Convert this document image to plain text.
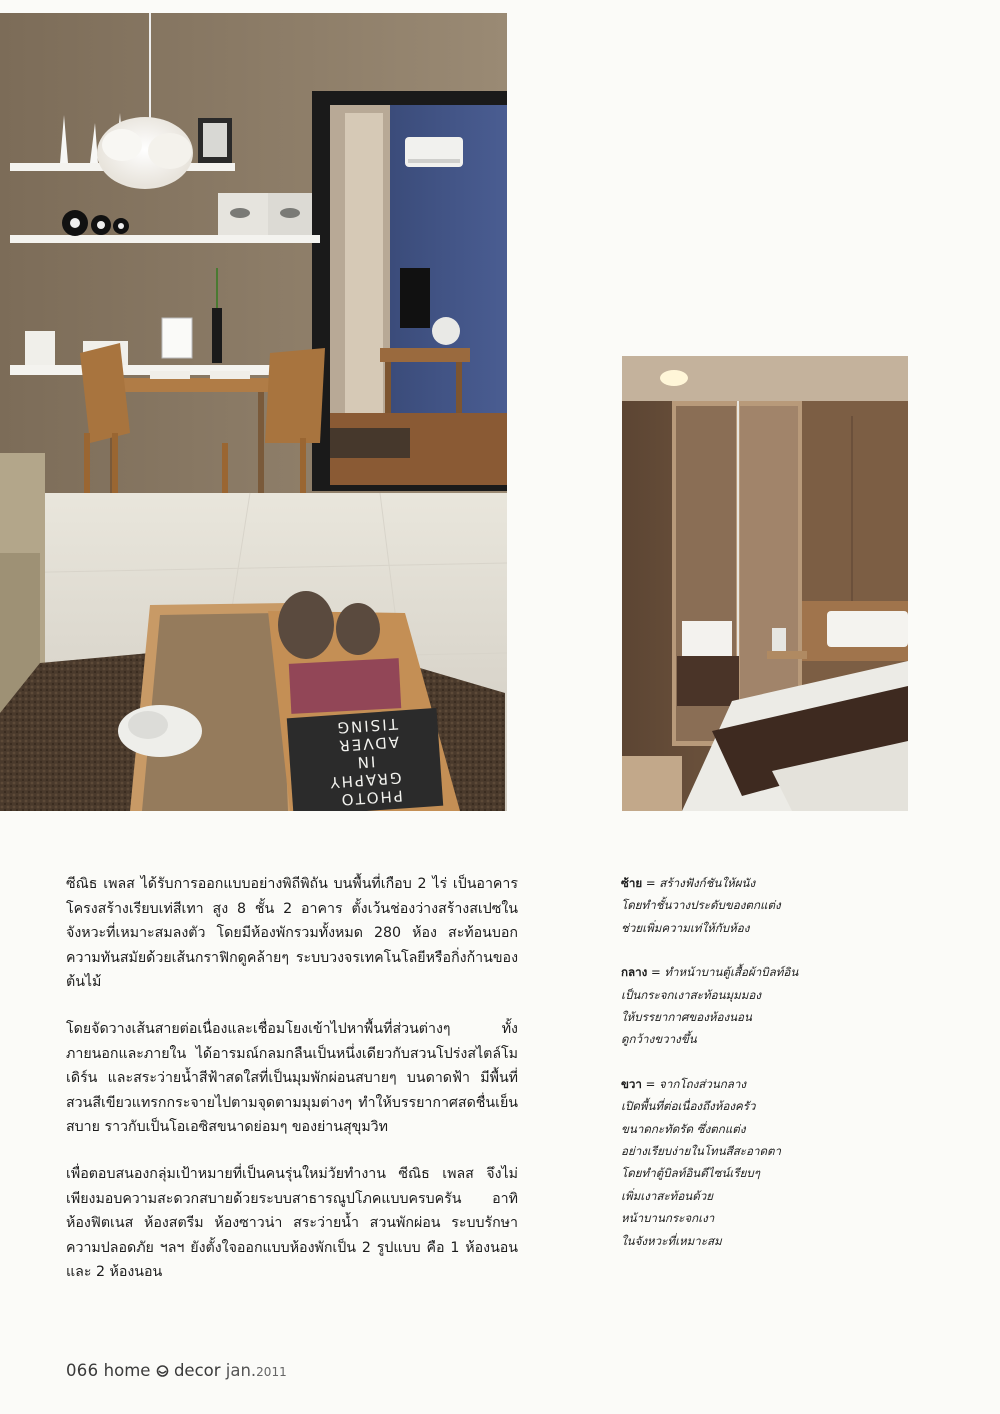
PHOTO
GRAPHY
IN
ADVER
TISING

ซีณิธ เพลส ได้รับการออกแบบอย่างพิถีพิถัน บนพื้นที่เกือบ 2 ไร่ เป็นอาคารโครงสร้างเรียบเท่สีเทา สูง 8 ชั้น 2 อาคาร ตั้งเว้นช่องว่างสร้างสเปซในจังหวะที่เหมาะสมลงตัว โดยมีห้องพักรวมทั้งหมด 280 ห้อง สะท้อนบอกความทันสมัยด้วยเส้นกราฟิกดูคล้ายๆ ระบบวงจรเทคโนโลยีหรือกิ่งก้านของต้นไม้

โดยจัดวางเส้นสายต่อเนื่องและเชื่อมโยงเข้าไปหาพื้นที่ส่วนต่างๆ ทั้งภายนอกและภายใน ได้อารมณ์กลมกลืนเป็นหนึ่งเดียวกับสวนโปร่งสไตล์โมเดิร์น และสระว่ายน้ำสีฟ้าสดใสที่เป็นมุมพักผ่อนสบายๆ บนดาดฟ้า มีพื้นที่สวนสีเขียวแทรกกระจายไปตามจุดตามมุมต่างๆ ทำให้บรรยากาศสดชื่นเย็นสบาย ราวกับเป็นโอเอซิสขนาดย่อมๆ ของย่านสุขุมวิท

เพื่อตอบสนองกลุ่มเป้าหมายที่เป็นคนรุ่นใหม่วัยทำงาน ซีณิธ เพลส จึงไม่เพียงมอบความสะดวกสบายด้วยระบบสาธารณูปโภคแบบครบครัน อาทิ ห้องฟิตเนส ห้องสตรีม ห้องซาวน่า สระว่ายน้ำ สวนพักผ่อน ระบบรักษาความปลอดภัย ฯลฯ ยังตั้งใจออกแบบห้องพักเป็น 2 รูปแบบ คือ 1 ห้องนอน และ 2 ห้องนอน

ซ้าย = สร้างฟังก์ชันให้ผนัง
โดยทำชั้นวางประดับของตกแต่ง
ช่วยเพิ่มความเท่ให้กับห้อง
กลาง = ทำหน้าบานตู้เสื้อผ้าบิลท์อิน
เป็นกระจกเงาสะท้อนมุมมอง
ให้บรรยากาศของห้องนอน
ดูกว้างขวางขึ้น
ขวา = จากโถงส่วนกลาง
เปิดพื้นที่ต่อเนื่องถึงห้องครัว
ขนาดกะทัดรัด ซึ่งตกแต่ง
อย่างเรียบง่ายในโทนสีสะอาดตา
โดยทำตู้บิลท์อินดีไซน์เรียบๆ
เพิ่มเงาสะท้อนด้วย
หน้าบานกระจกเงา
ในจังหวะที่เหมาะสม
066 home decor jan.2011
